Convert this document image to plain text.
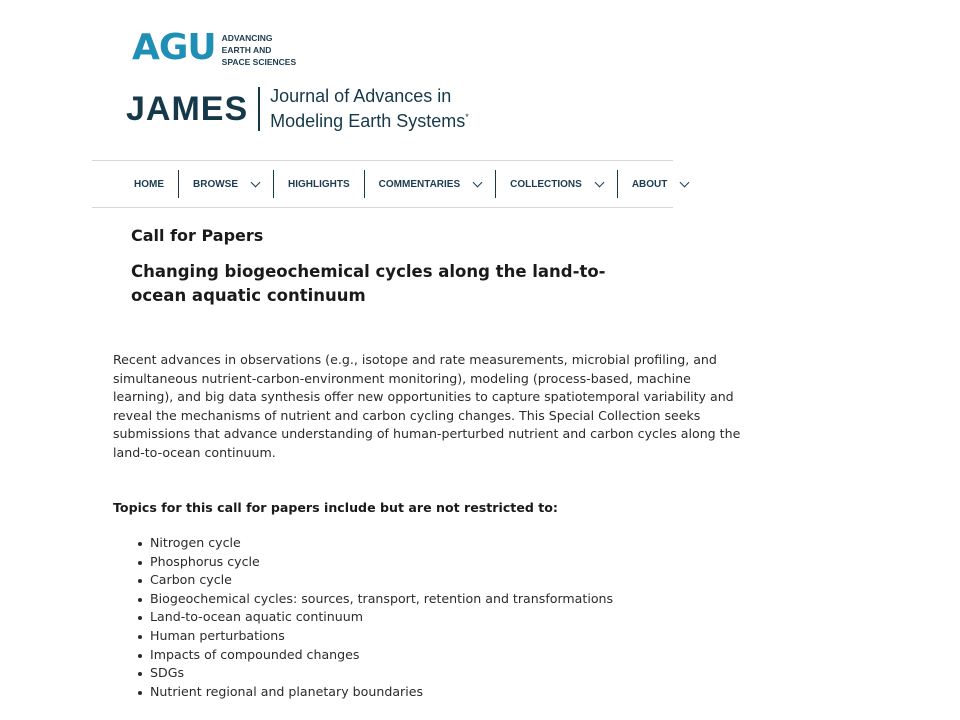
AGU ADVANCING
EARTH AND
SPACE SCIENCES
JAMES Journal of Advances in
Modeling Earth Systems*
HOME	BROWSE	HIGHLIGHTS	COMMENTARIES	COLLECTIONS	ABOUT
Call for Papers
Changing biogeochemical cycles along the land-to-ocean aquatic continuum

Recent advances in observations (e.g., isotope and rate measurements, microbial profiling, and simultaneous nutrient-carbon-environment monitoring), modeling (process-based, machine learning), and big data synthesis offer new opportunities to capture spatiotemporal variability and reveal the mechanisms of nutrient and carbon cycling changes. This Special Collection seeks submissions that advance understanding of human-perturbed nutrient and carbon cycles along the land-to-ocean continuum.

Topics for this call for papers include but are not restricted to:
Nitrogen cycle
Phosphorus cycle
Carbon cycle
Biogeochemical cycles: sources, transport, retention and transformations
Land-to-ocean aquatic continuum
Human perturbations
Impacts of compounded changes
SDGs
Nutrient regional and planetary boundaries
